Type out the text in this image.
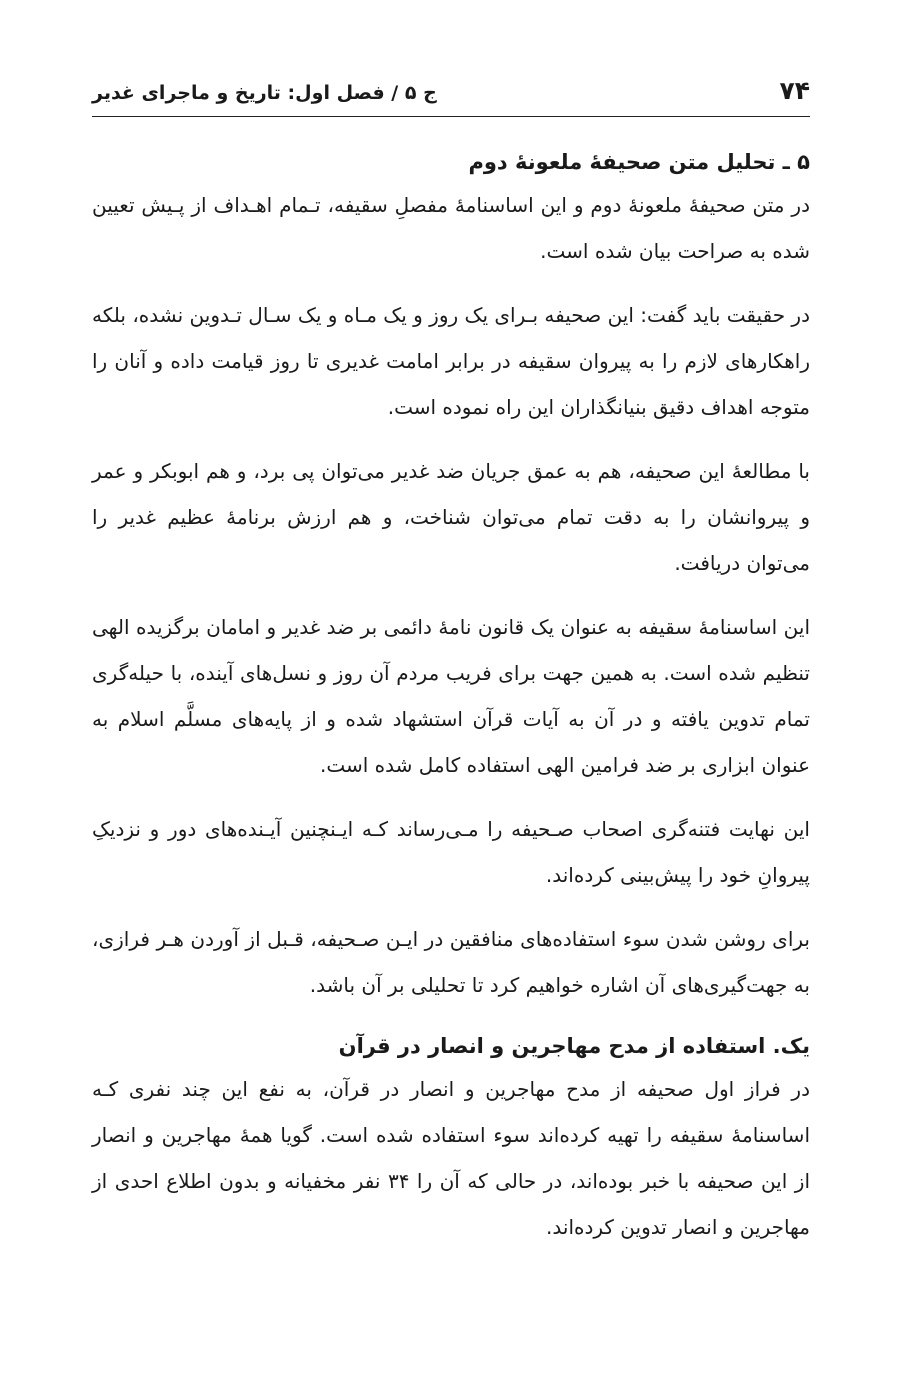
۷۴
ج ۵ / فصل اول: تاریخ و ماجرای غدیر
۵ ـ تحلیل متن صحیفۀ ملعونۀ دوم

در متن صحیفۀ ملعونۀ دوم و این اساسنامۀ مفصلِ سقیفه، تـمام اهـداف از پـیش تعیین شده به صراحت بیان شده است.

در حقیقت باید گفت: این صحیفه بـرای یک روز و یک مـاه و یک سـال تـدوین نشده، بلکه راهکارهای لازم را به پیروان سقیفه در برابر امامت غدیری تا روز قیامت داده و آنان را متوجه اهداف دقیق بنیانگذاران این راه نموده است.

با مطالعۀ این صحیفه، هم به عمق جریان ضد غدیر می‌توان پی برد، و هم ابوبکر و عمر و پیروانشان را به دقت تمام می‌توان شناخت، و هم ارزش برنامۀ عظیم غدیر را می‌توان دریافت.

این اساسنامۀ سقیفه به عنوان یک قانون نامۀ دائمی بر ضد غدیر و امامان برگزیده الهی تنظیم شده است. به همین جهت برای فریب مردم آن روز و نسل‌های آینده، با حیله‌گری تمام تدوین یافته و در آن به آیات قرآن استشهاد شده و از پایه‌های مسلَّم اسلام به عنوان ابزاری بر ضد فرامین الهی استفاده کامل شده است.

این نهایت فتنه‌گری اصحاب صـحیفه را مـی‌رساند کـه ایـنچنین آیـنده‌های دور و نزدیکِ پیروانِ خود را پیش‌بینی کرده‌اند.

برای روشن شدن سوء استفاده‌های منافقین در ایـن صـحیفه، قـبل از آوردن هـر فرازی، به جهت‌گیری‌های آن اشاره خواهیم کرد تا تحلیلی بر آن باشد.

یک. استفاده از مدح مهاجرین و انصار در قرآن

در فراز اول صحیفه از مدح مهاجرین و انصار در قرآن، به نفع این چند نفری کـه اساسنامۀ سقیفه را تهیه کرده‌اند سوء استفاده شده است. گویا همۀ مهاجرین و انصار از این صحیفه با خبر بوده‌اند، در حالی که آن را ۳۴ نفر مخفیانه و بدون اطلاع احدی از مهاجرین و انصار تدوین کرده‌اند.
